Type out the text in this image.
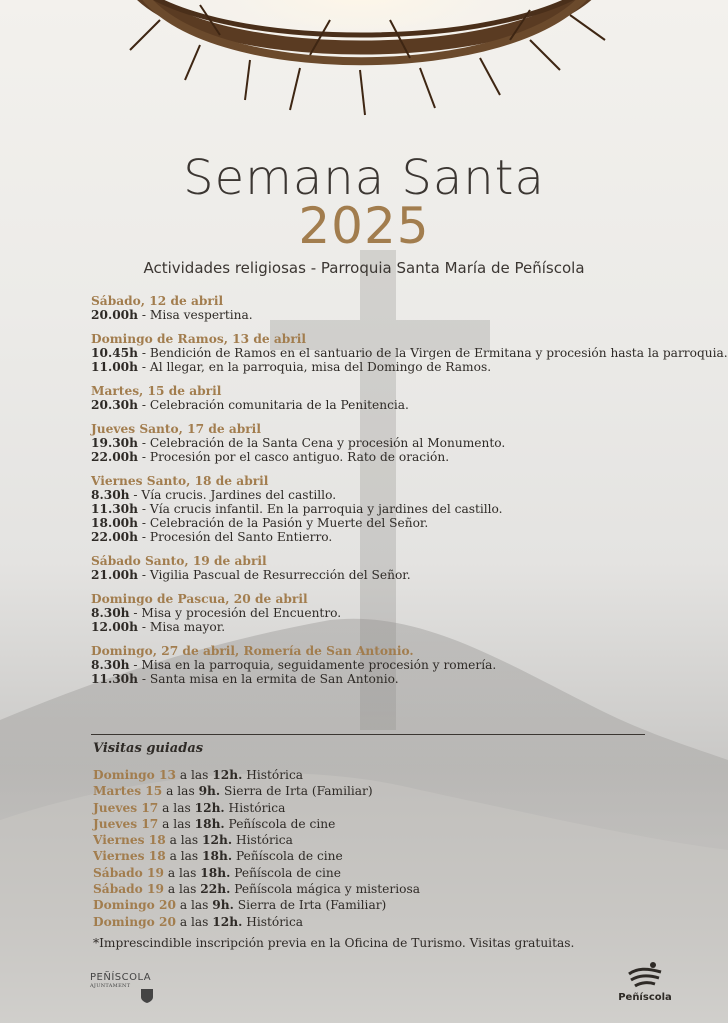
Semana Santa
2025
Actividades religiosas - Parroquia Santa María de Peñíscola
Sábado, 12 de abril
20.00h - Misa vespertina.
Domingo de Ramos, 13 de abril
10.45h - Bendición de Ramos en el santuario de la Virgen de Ermitana y procesión hasta la parroquia.
11.00h - Al llegar, en la parroquia, misa del Domingo de Ramos.
Martes, 15 de abril
20.30h - Celebración comunitaria de la Penitencia.
Jueves Santo, 17 de abril
19.30h - Celebración de la Santa Cena y procesión al Monumento.
22.00h - Procesión por el casco antiguo. Rato de oración.
Viernes Santo, 18 de abril
8.30h - Vía crucis. Jardines del castillo.
11.30h - Vía crucis infantil. En la parroquia y jardines del castillo.
18.00h - Celebración de la Pasión y Muerte del Señor.
22.00h - Procesión del Santo Entierro.
Sábado Santo, 19 de abril
21.00h - Vigilia Pascual de Resurrección del Señor.
Domingo de Pascua, 20 de abril
8.30h - Misa y procesión del Encuentro.
12.00h - Misa mayor.
Domingo, 27 de abril, Romería de San Antonio.
8.30h - Misa en la parroquia, seguidamente procesión y romería.
11.30h - Santa misa en la ermita de San Antonio.
Visitas guiadas
Domingo 13 a las 12h. Histórica
Martes 15 a las 9h. Sierra de Irta (Familiar)
Jueves 17 a las 12h. Histórica
Jueves 17 a las 18h. Peñíscola de cine
Viernes 18 a las 12h. Histórica
Viernes 18 a las 18h. Peñíscola de cine
Sábado 19 a las 18h. Peñíscola de cine
Sábado 19 a las 22h. Peñíscola mágica y misteriosa
Domingo 20 a las 9h. Sierra de Irta (Familiar)
Domingo 20 a las 12h. Histórica
*Imprescindible inscripción previa en la Oficina de Turismo. Visitas gratuitas.
PEÑÍSCOLA
AJUNTAMENT
Peñíscola
